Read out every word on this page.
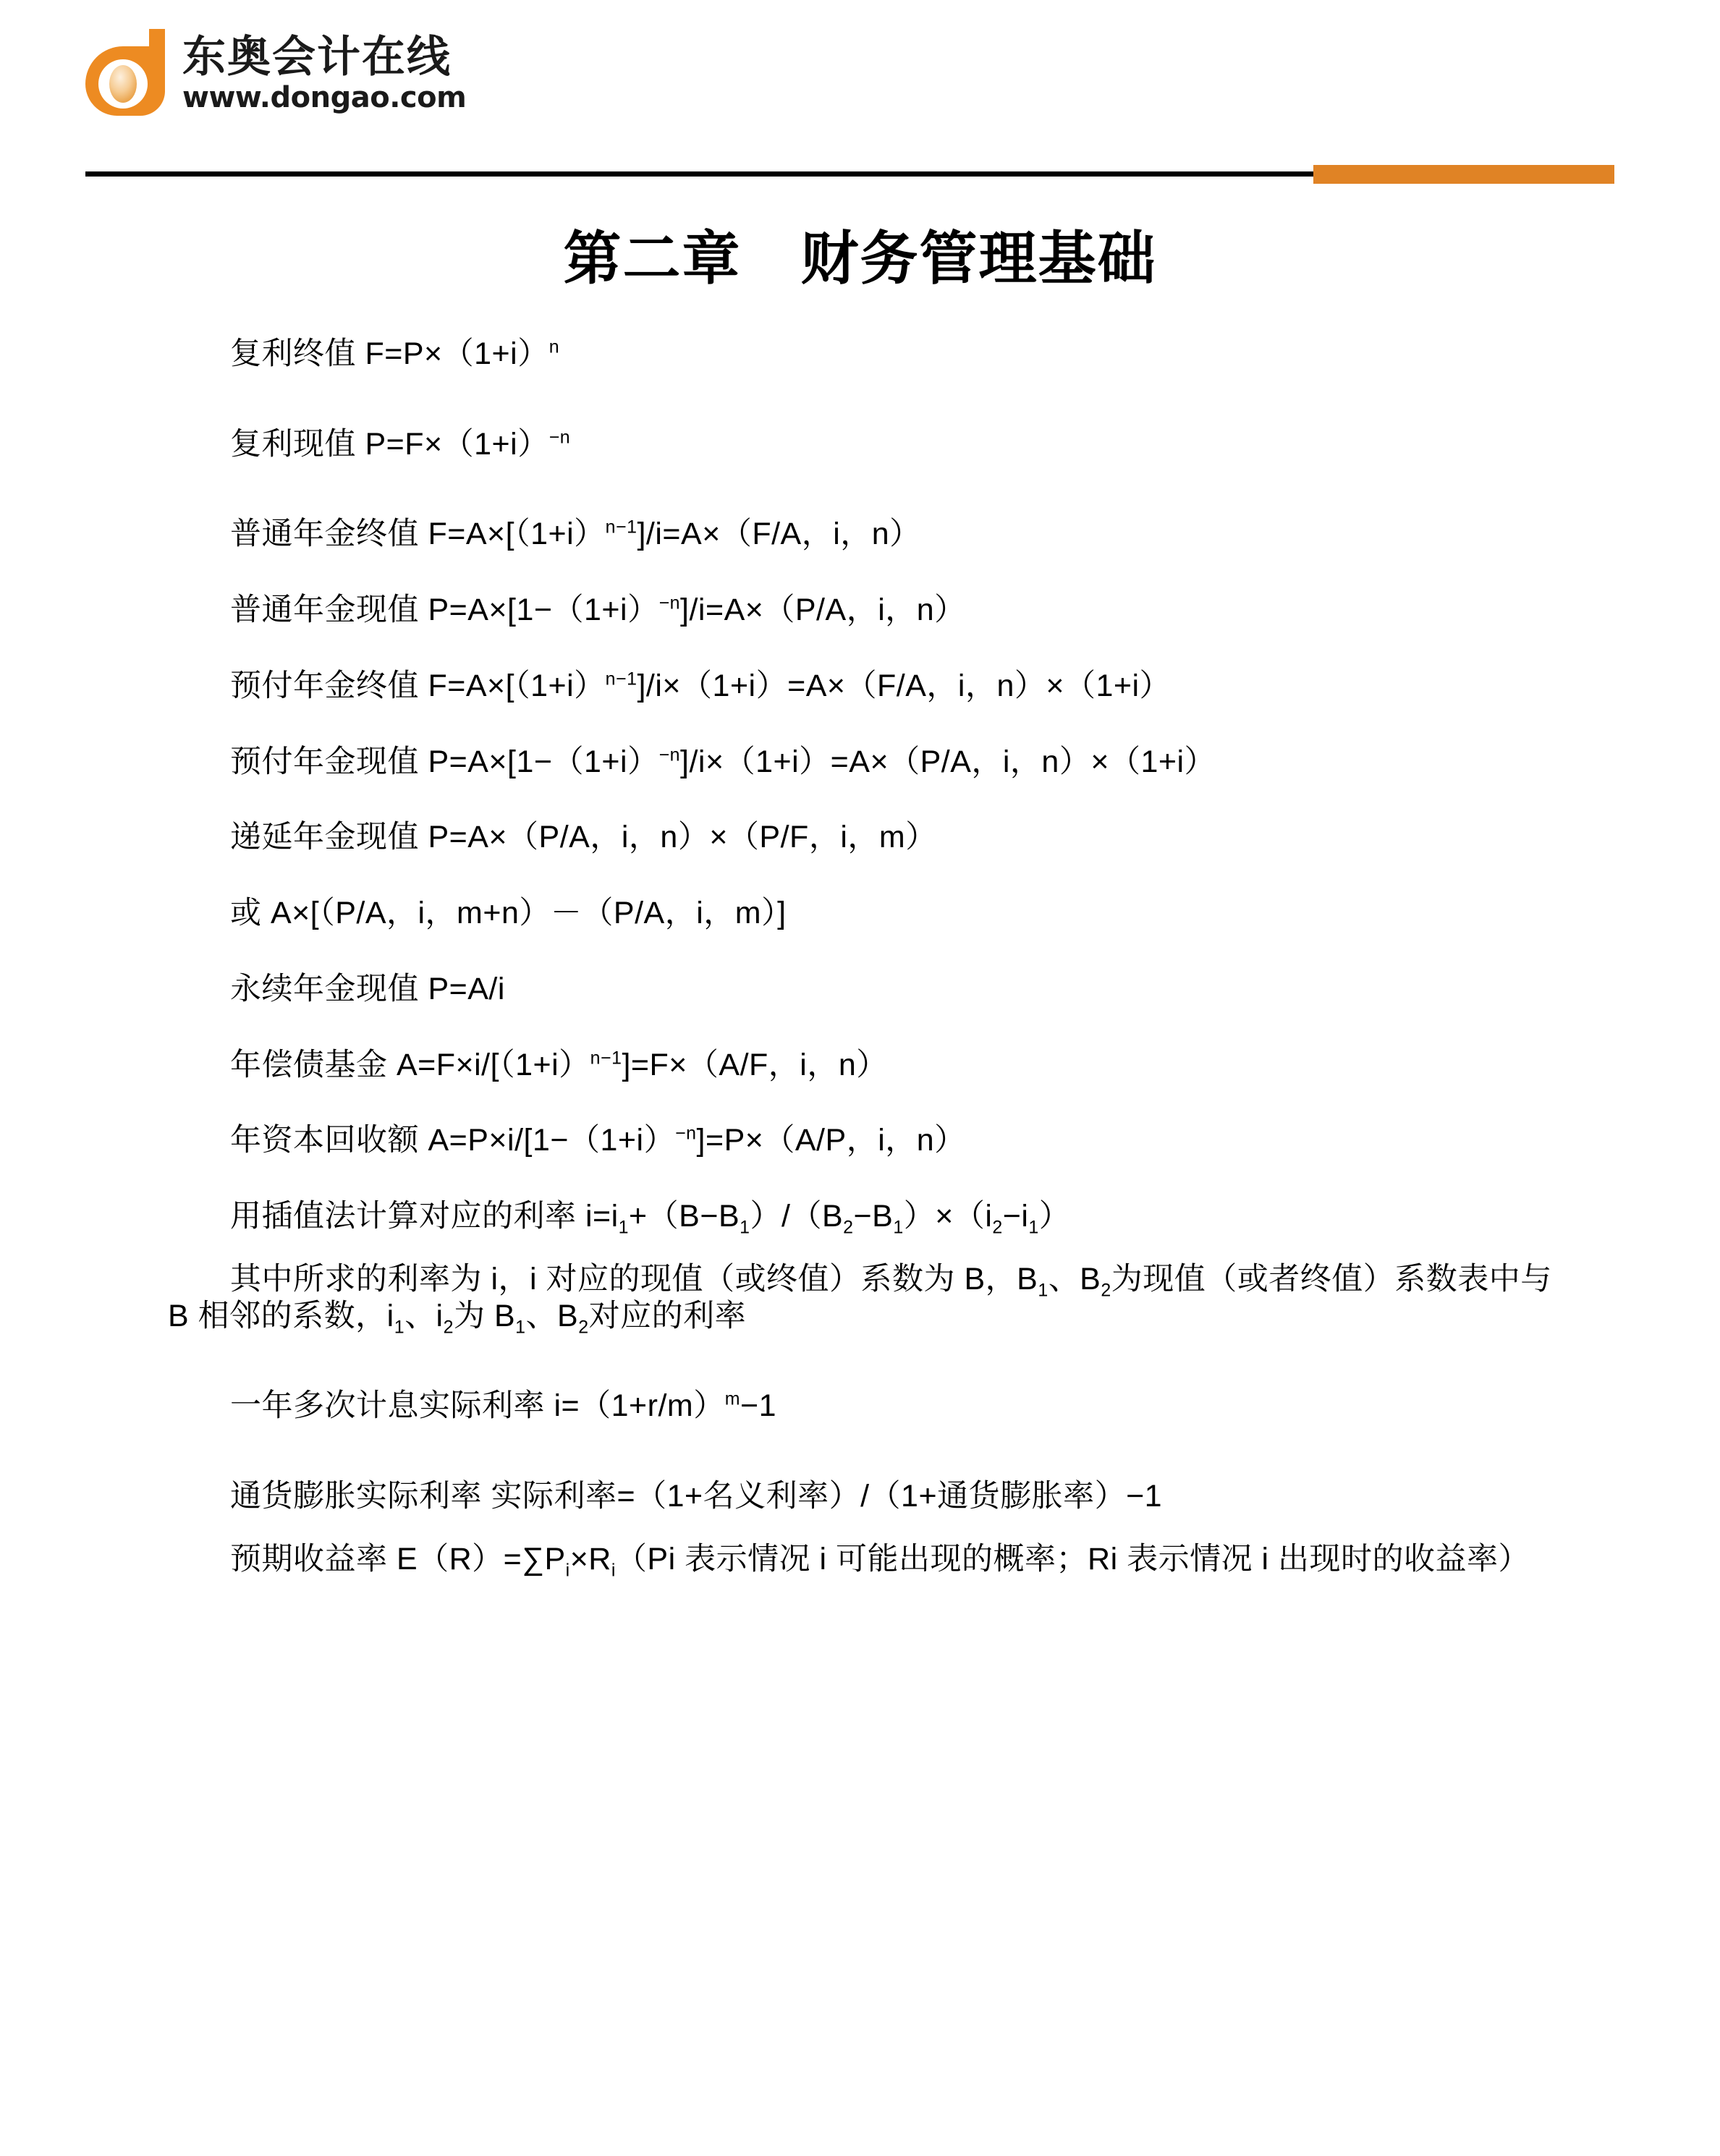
东奥会计在线
www.dongao.com
第二章　财务管理基础

复利终值 $F=P\times(1+i)^n$

复利现值 $P=F\times(1+i)^{-n}$

普通年金终值 $F=A\times[(1+i)^{n-1}]/i=A\times(F/A$，i，n）

普通年金现值 $P=A\times[1-(1+i)^{-n}]/i=A\times(P/A$，i，n）

预付年金终值 $F=A\times[(1+i)^{n-1}]/i\times(1+i)=A\times(F/A$，i，n）×（1+i）

预付年金现值 $P=A\times[1-(1+i)^{-n}]/i\times(1+i)=A\times(P/A$，i，n）×（1+i）

递延年金现值 P=A×（P/A，i，n）×（P/F，i，m）

或 A×[（P/A，i，m+n）－（P/A，i，m）]

永续年金现值 P=A/i

年偿债基金 $A=F\times i/[(1+i)^{n-1}]=F\times(A/F$，i，n）

年资本回收额 $A=P\times i/[1-(1+i)^{-n}]=P\times(A/P$，i，n）

用插值法计算对应的利率 $i=i_1+(B-B_1)/(B_2-B_1)\times(i_2-i_1)$

其中所求的利率为 i，i 对应的现值（或终值）系数为 B，$B_1$、$B_2$为现值（或者终值）系数表中与 B 相邻的系数，$i_1$、$i_2$为 $B_1$、$B_2$对应的利率

一年多次计息实际利率 $i=(1+r/m)^m-1$

通货膨胀实际利率 实际利率=（1+名义利率）/（1+通货膨胀率）−1

预期收益率 $E(R)=\sum P_i\times R_i(Pi$ 表示情况 i 可能出现的概率；Ri 表示情况 i 出现时的收益率）
